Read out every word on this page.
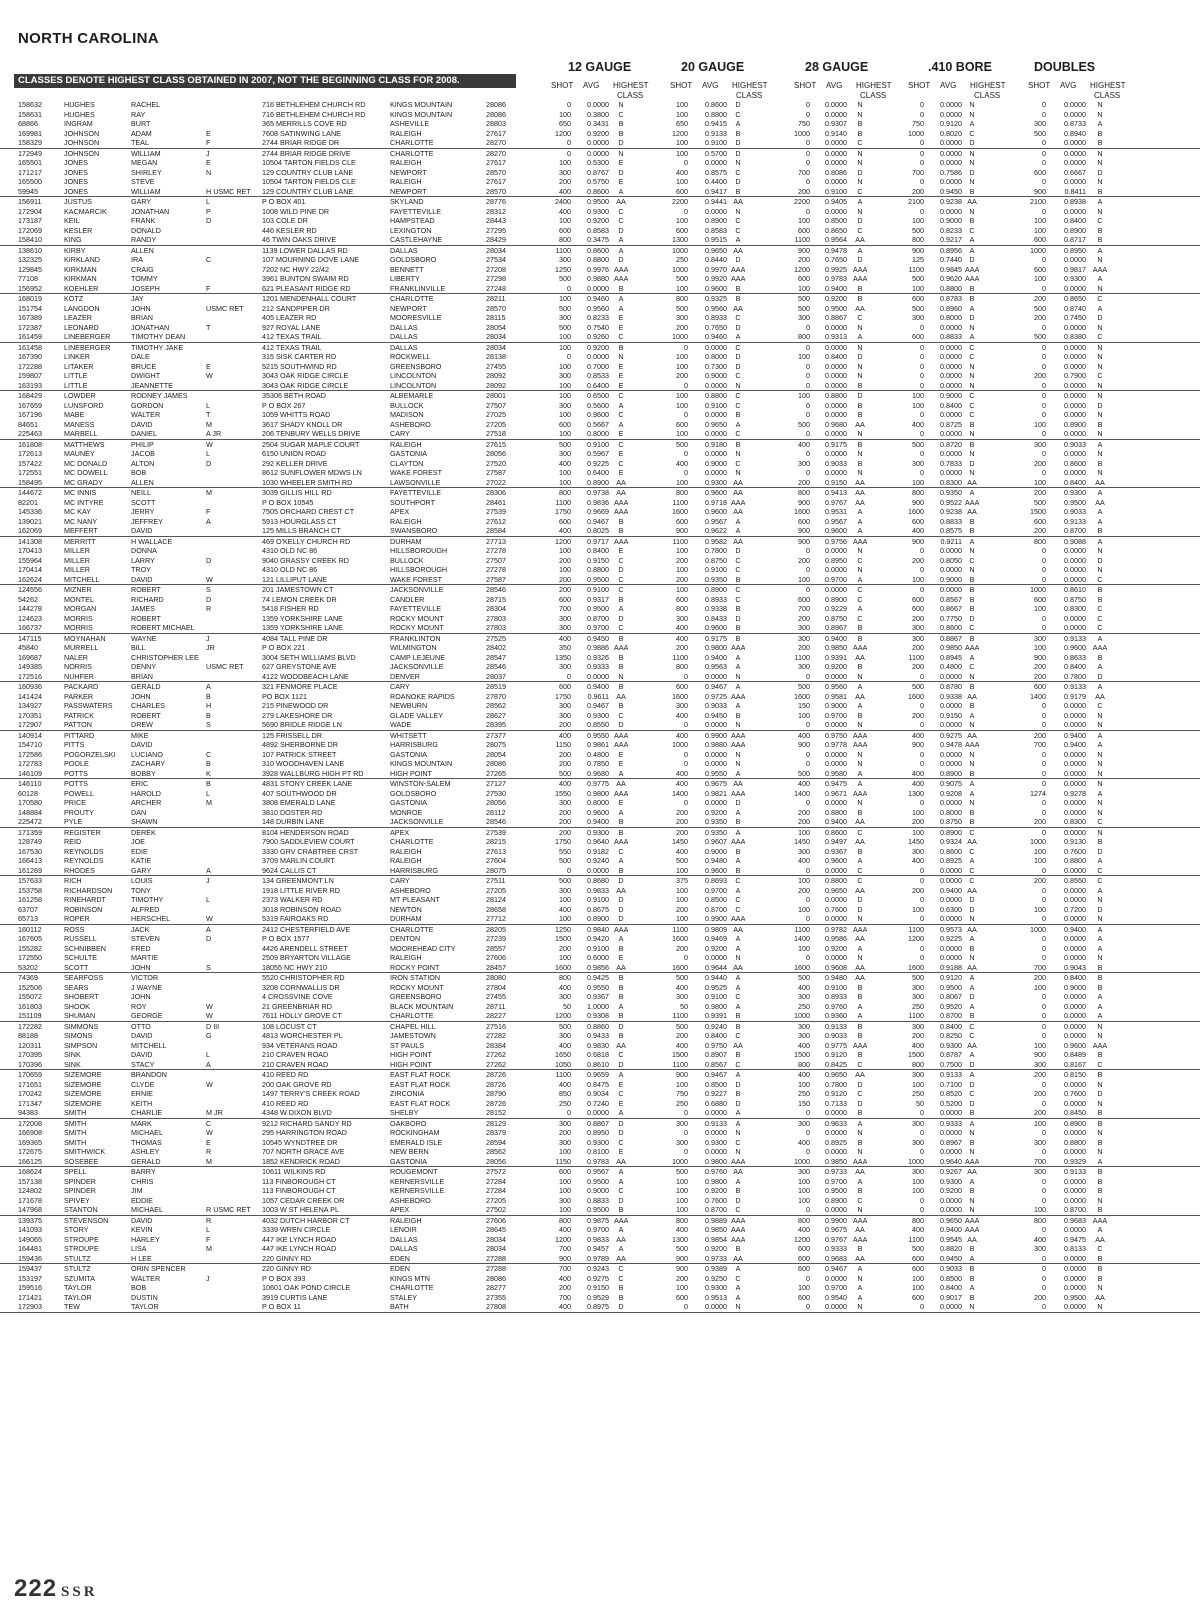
NORTH CAROLINA
CLASSES DENOTE HIGHEST CLASS OBTAINED IN 2007, NOT THE BEGINNING CLASS FOR 2008.
12 GAUGE	20 GAUGE	28 GAUGE	.410 BORE	DOUBLES
SHOT AVG HIGHEST
CLASS
SHOT AVG HIGHEST
CLASS
SHOT AVG HIGHEST
CLASS
SHOT AVG HIGHEST
CLASS
SHOT AVG HIGHEST
CLASS
158632	HUGHES	RACHEL	716 BETHLEHEM CHURCH RD	KINGS MOUNTAIN	28086	0	0.0000	N	100	0.8600	D	0	0.0000	N	0	0.0000	N	0	0.0000	N
158631	HUGHES	RAY	716 BETHLEHEM CHURCH RD	KINGS MOUNTAIN	28086	100	0.3800	C	100	0.8800	C	0	0.0000	N	0	0.0000	N	0	0.0000	N
68866	INGRAM	BURT	365 MERRILLS COVE RD	ASHEVILLE	28803	650	0.3431	B	650	0.9415	A	750	0.9307	B	750	0.9120	A	300	0.8733	A
169981	JOHNSON	ADAM	E	7608 SATINWING LANE	RALEIGH	27617	1200	0.9200	B	1200	0.9133	B	1000	0.9140	B	1000	0.8020	C	500	0.8940	B
158329	JOHNSON	TEAL	F	2744 BRIAR RIDGE DR	CHARLOTTE	28270	0	0.0000	D	100	0.9100	D	0	0.0000	C	0	0.0000	D	0	0.0000	B
172949	JOHNSON	WILLIAM	J	2744 BRIAR RIDGE DRIVE	CHARLOTTE	28270	0	0.0000	N	100	0.5700	D	0	0.0000	N	0	0.0000	N	0	0.0000	N
165501	JONES	MEGAN	E	10504 TARTON FIELDS CLE	RALEIGH	27617	100	0.5300	E	0	0.0000	N	0	0.0000	N	0	0.0000	N	0	0.0000	N
171217	JONES	SHIRLEY	N	129 COUNTRY CLUB LANE	NEWPORT	28570	300	0.8767	D	400	0.8575	C	700	0.8086	D	700	0.7586	D	600	0.6667	D
165500	JONES	STEVE	10504 TARTON FIELDS CLE	RALEIGH	27617	200	0.5750	E	100	0.4400	D	0	0.0000	N	0	0.0000	N	0	0.0000	N
59945	JONES	WILLIAM	H USMC RET	129 COUNTRY CLUB LANE	NEWPORT	28570	400	0.8600	A	600	0.9417	B	200	0.9100	C	200	0.9450	B	900	0.8411	B
156911	JUSTUS	GARY	L	P O BOX 401	SKYLAND	28776	2400	0.9500	AA	2200	0.9441 AA	2200	0.9405	A	2100	0.9238 AA	2100	0.8938	A
172904	KACMARCIK	JONATHAN	P	1008 WILD PINE DR	FAYETTEVILLE	28312	400	0.9300	C	0	0.0000	N	0	0.0000	N	0	0.0000	N	0	0.0000	N
173187	KEIL	FRANK	D	103 COLE DR	HAMPSTEAD	28443	100	0.9200	C	100	0.8900	C	100	0.8500	D	100	0.9000	B	100	0.8400	C
172069	KESLER	DONALD	446 KESLER RD	LEXINGTON	27295	600	0.8583	D	600	0.8583	C	600	0.8650	C	500	0.8233	C	100	0.8900	B
158410	KING	RANDY	46 TWIN OAKS DRIVE	CASTLEHAYNE	28429	800	0.3475	A	1300	0.9515	A	1100	0.9564	AA	800	0.9217	A	600	0.8717	B
138610	KIRBY	ALLEN	1139 LOWER DALLAS RD	DALLAS	28034	1100	0.8600	A	1000	0.9650 AA	900	0.9478	A	900	0.8956	A	1000	0.8950	A
132325	KIRKLAND	IRA	C	107 MOURNING DOVE LANE	GOLDSBORO	27534	300	0.8800	D	250	0.8440	D	200	0.7650	D	125	0.7440	D	0	0.0000	N
129845	KIRKMAN	CRAIG	7202 NC HWY 22/42	BENNETT	27208	1250	0.9976 AAA	1000	0.9970 AAA	1200	0.9925 AAA	1100	0.9845 AAA	600	0.9817 AAA
77108	KIRKMAN	TOMMY	3961 BUNTON SWAIM RD	LIBERTY	27298	500	0.9880 AAA	500	0.9920 AAA	600	0.9783 AAA	500	0.9620 AAA	100	0.9300	A
156952	KOEHLER	JOSEPH	F	621 PLEASANT RIDGE RD	FRANKLINVILLE	27248	0	0.0000	B	100	0.9600	B	100	0.9400	B	100	0.8800	B	0	0.0000	N
168019	KOTZ	JAY	1201 MENDENHALL COURT	CHARLOTTE	28211	100	0.9460	A	800	0.9325	B	500	0.9200	B	600	0.8783	B	200	0.8650	C
151754	LANGDON	JOHN	USMC RET	212 SANDPIPER DR	NEWPORT	28570	500	0.9560	A	500	0.9560 AA	500	0.9500	AA	500	0.8960	A	500	0.8740	A
167389	LEAZER	BRIAN	405 LEAZER RD	MOORESVILLE	28115	300	0.8233	E	300	0.8933	C	300	0.8867	C	300	0.8000	D	200	0.7450	D
172387	LEONARD	JONATHAN	T	927 ROYAL LANE	DALLAS	28054	500	0.7540	E	200	0.7650	D	0	0.0000	N	0	0.0000	N	0	0.0000	N
161459	LINEBERGER	TIMOTHY DEAN	412 TEXAS TRAIL	DALLAS	28034	100	0.9260	C	1000	0.9460	A	800	0.9313	A	600	0.8833	A	500	0.8380	C
161458	LINEBERGER	TIMOTHY JAKE	412 TEXAS TRAIL	DALLAS	28034	100	0.9200	B	0	0.0000	C	0	0.0000	N	0	0.0000	C	0	0.0000	N
167390	LINKER	DALE	315 SISK CARTER RD	ROCKWELL	28138	0	0.0000	N	100	0.8000	D	100	0.8400	D	0	0.0000	C	0	0.0000	N
172288	LITAKER	BRUCE	E	5215 SOUTHWIND RD	GREENSBORO	27455	100	0.7000	E	100	0.7300	D	0	0.0000	N	0	0.0000	N	0	0.0000	N
159807	LITTLE	DWIGHT	W	3043 OAK RIDGE CIRCLE	LINCOLNTON	28092	300	0.8533	E	200	0.9000	C	0	0.0000	N	0	0.0000	N	200	0.7900	C
163193	LITTLE	JEANNETTE	3043 OAK RIDGE CIRCLE	LINCOLNTON	28092	100	0.6400	E	0	0.0000	N	0	0.0000	B	0	0.0000	N	0	0.0000	N
168429	LOWDER	RODNEY JAMES	35306 BETH ROAD	ALBEMARLE	28001	100	0.6500	C	100	0.8800	C	100	0.8800	D	100	0.9000	C	0	0.0000	N
167659	LUNSFORD	GORDON	L	P O BOX 267	BULLOCK	27507	300	0.5600	A	100	0.9100	C	0	0.0000	B	100	0.8400	C	0	0.0000	D
167196	MABE	WALTER	T	1059 WHITTS ROAD	MADISON	27025	100	0.9600	C	0	0.0000	B	0	0.0000	B	0	0.0000	C	0	0.0000	N
84651	MANESS	DAVID	M	3617 SHADY KNOLL DR	ASHEBORO	27205	600	0.5667	A	600	0.9650	A	500	0.9680	AA	400	0.8725	B	100	0.8900	B
225463	MARBELL	DANIEL	A JR	206 TENBURY WELLS DRIVE	CARY	27518	100	0.8000	E	100	0.0000	C	0	0.0000	N	0	0.0000	N	0	0.0000	N
161808	MATTHEWS	PHILIP	W	2504 SUGAR MAPLE COURT	RALEIGH	27615	500	0.9100	C	500	0.9180	B	400	0.9175	B	500	0.8720	B	300	0.9033	A
172613	MAUNEY	JACOB	L	6150 UNION ROAD	GASTONIA	28056	300	0.5967	E	0	0.0000	N	0	0.0000	N	0	0.0000	N	0	0.0000	N
157422	MC DONALD	ALTON	D	292 KELLER DRIVE	CLAYTON	27520	400	0.9225	C	400	0.9000	C	300	0.9033	B	300	0.7833	D	200	0.8600	B
172551	MC DOWELL	BOB	8612 SUNFLOWER MDWS LN	WAKE FOREST	27587	100	0.6400	E	0	0.0000	N	0	0.0000	N	0	0.0000	N	0	0.0000	N
158495	MC GRADY	ALLEN	1030 WHEELER SMITH RD	LAWSONVILLE	27022	100	0.8900	AA	100	0.9300 AA	200	0.9150	AA	100	0.8300 AA	100	0.8400	AA
144672	MC INNIS	NEILL	M	3039 GILLIS HILL RD	FAYETTEVILLE	28306	800	0.9738	AA	800	0.9600 AA	800	0.9413	AA	800	0.9350	A	200	0.9300	A
82201	MC INTYRE	SCOTT	P O BOX 10545	SOUTHPORT	28461	1100	0.9836 AAA	1100	0.9718 AAA	900	0.9767	AA	900	0.9522 AAA	500	0.9500	AA
145336	MC KAY	JERRY	F	7505 ORCHARD CREST CT	APEX	27539	1750	0.9669 AAA	1600	0.9600 AA	1600	0.9531	A	1600	0.9238 AA	1500	0.9033	A
139021	MC NANY	JEFFREY	A	5913 HOURGLASS CT	RALEIGH	27612	600	0.9467	B	600	0.9567	A	600	0.9567	A	600	0.8833	B	600	0.9133	A
162069	MEFFERT	DAVID	125 MILLS BRANCH CT	SWANSBORO	28584	400	0.8025	B	900	0.9622	A	900	0.9600	A	400	0.8575	B	200	0.8700	B
141308	MERRITT	H WALLACE	469 O'KELLY CHURCH RD	DURHAM	27713	1200	0.9717 AAA	1100	0.9582 AA	900	0.9756 AAA	900	0.9211	A	800	0.9088	A
170413	MILLER	DONNA	4310 OLD NC 86	HILLSBOROUGH	27278	100	0.8400	E	100	0.7800	D	0	0.0000	N	0	0.0000	N	0	0.0000	N
155964	MILLER	LARRY	D	9040 GRASSY CREEK RD	BULLOCK	27507	200	0.9150	C	200	0.8750	C	200	0.8950	C	200	0.8050	C	0	0.0000	D
170414	MILLER	TROY	4310 OLD NC 86	HILLSBOROUGH	27278	100	0.8800	D	100	0.9100	C	0	0.0000	N	0	0.0000	N	0	0.0000	N
162624	MITCHELL	DAVID	W	121 LILLIPUT LANE	WAKE FOREST	27587	200	0.9500	C	200	0.9350	B	100	0.9700	A	100	0.9000	B	0	0.0000	C
124556	MIZNER	ROBERT	S	201 JAMESTOWN CT	JACKSONVILLE	28546	200	0.9100	C	100	0.8900	C	0	0.0000	C	0	0.0000	B	1000	0.8610	B
54262	MONTEL	RICHARD	D	74 LEMON CREEK DR	CANDLER	28715	600	0.9317	B	600	0.8933	C	600	0.8900	C	600	0.8567	B	600	0.8750	B
144278	MORGAN	JAMES	R	5418 FISHER RD	FAYETTEVILLE	28304	700	0.9500	A	800	0.9338	B	700	0.9229	A	600	0.8667	B	100	0.8300	C
124623	MORRIS	ROBERT	1359 YORKSHIRE LANE	ROCKY MOUNT	27803	300	0.8700	D	300	0.8433	D	200	0.8750	C	200	0.7750	D	0	0.0000	C
166737	MORRIS	ROBERT MICHAEL	1359 YORKSHIRE LANE	ROCKY MOUNT	27803	300	0.9700	C	400	0.9600	B	300	0.8967	B	300	0.8600	C	0	0.0000	C
147115	MOYNAHAN	WAYNE	J	4084 TALL PINE DR	FRANKLINTON	27525	400	0.9450	B	400	0.9175	B	300	0.9400	B	300	0.8867	B	300	0.9133	A
45840	MURRELL	BILL	JR	P O BOX 221	WILMINGTON	28402	350	0.9886 AAA	200	0.9800 AAA	200	0.9850 AAA	200	0.9850 AAA	100	0.9600 AAA
169687	NALER	CHRISTOPHER LEE	3004 SETH WILLIAMS BLVD	CAMP LEJEUNE	28547	1350	0.9326	B	1100	0.9400	A	1100	0.9391	AA	1100	0.8945	A	900	0.8633	B
149385	NORRIS	DENNY	USMC RET	627 GREYSTONE AVE	JACKSONVILLE	28546	300	0.9333	B	800	0.9563	A	300	0.9200	B	200	0.4800	C	200	0.8400	A
172516	NUHFER	BRIAN	4122 WOODBEACH LANE	DENVER	28037	0	0.0000	N	0	0.0000	N	0	0.0000	N	0	0.0000	N	200	0.7800	D
160936	PACKARD	GERALD	A	321 FENMORE PLACE	CARY	28519	600	0.9400	B	600	0.9467	A	500	0.9560	A	500	0.8780	B	600	0.9133	A
141424	PARKER	JOHN	B	PO BOX 1121	ROANOKE RAPIDS	27870	1750	0.9611	AA	1600	0.9725 AAA	1600	0.9581	AA	1600	0.9338 AA	1400	0.9179	AA
134927	PASSWATERS	CHARLES	H	215 PINEWOOD DR	NEWBURN	28562	300	0.9467	B	300	0.9033	A	150	0.9000	A	0	0.0000	B	0	0.0000	C
170351	PATRICK	ROBERT	B	279 LAKESHORE DR	GLADE VALLEY	28627	300	0.9300	C	400	0.9450	B	100	0.9700	B	200	0.9150	A	0	0.0000	N
172907	PATTON	DREW	S	5690 BRIDLE RIDGE LN	WADE	28395	200	0.8550	D	0	0.0000	N	0	0.0000	N	0	0.0000	N	0	0.0000	N
140914	PITTARD	MIKE	125 FRISSELL DR	WHITSETT	27377	400	0.9550 AAA	400	0.9900 AAA	400	0.9750 AAA	400	0.9275 AA	200	0.9400	A
154710	PITTS	DAVID	4892 SHERBORNE DR	HARRISBURG	28075	1150	0.9861 AAA	1000	0.9880 AAA	900	0.9778 AAA	900	0.9478 AAA	700	0.9400	A
172586	POGORZELSKI	LUCIANO	C	107 PATRICK STREET	GASTONIA	28054	200	0.4800	E	0	0.0000	N	0	0.0000	N	0	0.0000	N	0	0.0000	N
172783	POOLE	ZACHARY	B	310 WOODHAVEN LANE	KINGS MOUNTAIN	28086	200	0.7850	E	0	0.0000	N	0	0.0000	N	0	0.0000	N	0	0.0000	N
146109	POTTS	BOBBY	K	3928 WALLBURG HIGH PT RD	HIGH POINT	27265	500	0.9680	A	400	0.9550	A	500	0.9580	A	400	0.8900	B	0	0.0000	N
146110	POTTS	ERIC	B	4831 STONY CREEK LANE	WINSTON-SALEM	27127	400	0.9775	AA	400	0.9675 AA	400	0.9475	A	400	0.9075	A	0	0.0000	N
60128	POWELL	HAROLD	L	407 SOUTHWOOD DR	GOLDSBORO	27530	1550	0.9800 AAA	1400	0.9821 AAA	1400	0.9671 AAA	1300	0.9208	A	1274	0.9278	A
170580	PRICE	ARCHER	M	3808 EMERALD LANE	GASTONIA	28056	300	0.8000	E	0	0.0000	D	0	0.0000	N	0	0.0000	N	0	0.0000	N
148884	PROUTY	DAN	3810 DOSTER RD	MONROE	28112	200	0.9600	A	200	0.9200	A	200	0.8800	B	100	0.8000	B	0	0.0000	N
225472	PYLE	SHAWN	148 DURBIN LANE	JACKSONVILLE	28546	200	0.9400	B	200	0.9350	B	200	0.9400	AA	200	0.8750	B	200	0.8300	C
171359	REGISTER	DEREK	8104 HENDERSON ROAD	APEX	27539	200	0.9300	B	200	0.9350	A	100	0.8600	C	100	0.8900	C	0	0.0000	N
128749	REID	JOE	7900 SADDLEVIEW COURT	CHARLOTTE	28215	1750	0.9640 AAA	1450	0.9607 AAA	1450	0.9497	AA	1450	0.9324 AA	1000	0.9130	B
167530	REYNOLDS	EDIE	3330 GRV CRABTREE CRST	RALEIGH	27613	550	0.9182	C	400	0.9000	B	300	0.9367	B	300	0.8600	C	100	0.7600	D
166413	REYNOLDS	KATIE	3709 MARLIN COURT	RALEIGH	27604	500	0.9240	A	500	0.9480	A	400	0.9600	A	400	0.8925	A	100	0.8800	A
161269	RHODES	GARY	A	9624 CALLIS CT	HARRISBURG	28075	0	0.0000	B	100	0.9600	B	0	0.0000	C	0	0.0000	C	0	0.0000	C
157633	RICH	LOUIS	J	134 GREENMONT LN	CARY	27511	500	0.8680	D	375	0.8693	C	100	0.8800	C	0	0.0000	C	200	0.8550	C
153758	RICHARDSON	TONY	1918 LITTLE RIVER RD	ASHEBORO	27205	300	0.9833	AA	100	0.9700	A	200	0.9650	AA	200	0.9400 AA	0	0.0000	A
161258	RINEHARDT	TIMOTHY	L	2373 WALKER RD	MT PLEASANT	28124	100	0.9100	D	100	0.8500	C	0	0.0000	D	0	0.0000	D	0	0.0000	N
63707	ROBINSON	ALFRED	3018 ROBINSON ROAD	NEWTON	28658	400	0.8675	D	200	0.8700	C	100	0.7600	D	100	0.6300	D	100	0.7200	D
65713	ROPER	HERSCHEL	W	5319 FAIROAKS RD	DURHAM	27712	100	0.8900	D	100	0.9900 AAA	0	0.0000	N	0	0.0000	N	0	0.0000	N
160112	ROSS	JACK	A	2412 CHESTERFIELD AVE	CHARLOTTE	28205	1250	0.9840 AAA	1100	0.9809 AA	1100	0.9782 AAA	1100	0.9573 AA	1000	0.9400	A
167605	RUSSELL	STEVEN	D	P O BOX 1577	DENTON	27239	1500	0.9420	A	1600	0.9469	A	1400	0.9586	AA	1200	0.9225	A	0	0.0000	A
155282	SCHNIBBEN	FRED	4426 ARENDELL STREET	MOOREHEAD CITY	28557	200	0.9100	B	200	0.9200	A	100	0.9200	A	0	0.0000	B	0	0.0000	A
172550	SCHULTE	MARTIE	2509 BRYARTON VILLAGE	RALEIGH	27606	100	0.6000	E	0	0.0000	N	0	0.0000	N	0	0.0000	N	0	0.0000	N
53202	SCOTT	JOHN	S	18055 NC HWY 210	ROCKY POINT	28457	1600	0.9856	AA	1600	0.9644 AA	1600	0.9608	AA	1600	0.9188 AA	700	0.9043	B
74369	SEARFOSS	VICTOR	5520 CHRISTOPHER RD	IRON STATION	28080	800	0.9425	B	500	0.9440	A	500	0.9480	AA	500	0.9120	A	200	0.8400	B
152506	SEARS	J WAYNE	3208 CORNWALLIS DR	ROCKY MOUNT	27804	400	0.9550	B	400	0.9525	A	400	0.9100	B	300	0.9500	A	100	0.9000	B
155072	SHOBERT	JOHN	4 CROSSVINE COVE	GREENSBORO	27455	300	0.9367	B	300	0.9100	C	300	0.8933	B	300	0.8067	D	0	0.0000	A
161803	SHOOK	ROY	W	21 GREENBRIAR RD	BLACK MOUNTAIN	28711	50	1.0000	A	50	0.9800	A	250	0.9760	A	250	0.9520	A	0	0.0000	A
151109	SHUMAN	GEORGE	W	7611 HOLLY GROVE CT	CHARLOTTE	28227	1200	0.9308	B	1100	0.9391	B	1000	0.9360	A	1100	0.8700	B	0	0.0000	A
172282	SIMMONS	OTTO	D III	108 LOCUST CT	CHAPEL HILL	27516	500	0.8860	D	500	0.9240	B	300	0.9133	B	300	0.8400	C	0	0.0000	N
88188	SIMONS	DAVID	G	4813 WORCHESTER PL	JAMESTOWN	27282	300	0.9433	B	200	0.8400	C	300	0.9033	B	200	0.8250	C	0	0.0000	N
120311	SIMPSON	MITCHELL	934 VETERANS ROAD	ST PAULS	28384	400	0.9830	AA	400	0.9750 AA	400	0.9775 AAA	400	0.9300 AA	100	0.9600 AAA
170395	SINK	DAVID	L	210 CRAVEN ROAD	HIGH POINT	27262	1650	0.6818	C	1500	0.8907	B	1500	0.9120	B	1500	0.8787	A	900	0.8489	B
170396	SINK	STACY	A	210 CRAVEN ROAD	HIGH POINT	27262	1050	0.8610	D	1100	0.8567	C	800	0.8425	C	800	0.7500	D	300	0.8167	C
170659	SIZEMORE	BRANDON	410 REED RD	EAST FLAT ROCK	28726	1100	0.9659	A	900	0.9467	A	400	0.9650	AA	300	0.9133	A	200	0.8150	B
171651	SIZEMORE	CLYDE	W	200 OAK GROVE RD	EAST FLAT ROCK	28726	400	0.8475	E	100	0.8500	D	100	0.7800	D	100	0.7100	D	0	0.0000	N
170242	SIZEMORE	ERNIE	1497 TERRY'S CREEK ROAD	ZIRCONIA	28790	850	0.9034	C	750	0.9227	B	250	0.9120	C	250	0.8520	C	200	0.7600	D
171347	SIZEMORE	KEITH	410 REED RD	EAST FLAT ROCK	28726	250	0.7240	E	250	0.6880	D	150	0.7133	D	50	0.5200	D	0	0.0000	N
94383	SMITH	CHARLIE	M JR	4348 W DIXON BLVD	SHELBY	28152	0	0.0000	A	0	0.0000	A	0	0.0000	B	0	0.0000	B	200	0.8450	B
172008	SMITH	MARK	C	9212 RICHARD SANDY RD	OAKBORO	28129	300	0.8867	D	300	0.9133	A	300	0.9633	A	300	0.9333	A	100	0.8900	B
166908	SMITH	MICHAEL	W	295 HARRINGTON ROAD	ROCKINGHAM	28379	200	0.8950	D	0	0.0000	N	0	0.0000	N	0	0.0000	N	0	0.0000	N
169365	SMITH	THOMAS	E	10545 WYNDTREE DR	EMERALD ISLE	28594	300	0.9300	C	300	0.9300	C	400	0.8925	B	300	0.8967	B	300	0.8800	B
172675	SMITHWICK	ASHLEY	R	707 NORTH GRACE AVE	NEW BERN	28562	100	0.8100	E	0	0.0000	N	0	0.0000	N	0	0.0000	N	0	0.0000	N
166125	SOSEBEE	GERALD	M	1852 KENDRICK ROAD	GASTONIA	28056	1150	0.9783	AA	1000	0.9800 AAA	1000	0.9850 AAA	1000	0.9640 AAA	700	0.9329	A
168624	SPELL	BARRY	10611 WILKINS RD	ROUGEMONT	27572	600	0.9567	A	500	0.9760 AA	300	0.9733	AA	300	0.9267 AA	300	0.9133	B
157138	SPINDER	CHRIS	113 FINBOROUGH CT	KERNERSVILLE	27284	100	0.9500	A	100	0.9800	A	100	0.9700	A	100	0.9300	A	0	0.0000	B
124802	SPINDER	JIM	113 FINBOROUGH CT	KERNERSVILLE	27284	100	0.9000	C	100	0.9200	B	100	0.9500	B	100	0.9200	B	0	0.0000	B
171678	SPIVEY	EDDIE	1057 CEDAR CREEK DR	ASHEBORO	27205	300	0.8833	D	100	0.7600	D	100	0.8900	C	0	0.0000	N	0	0.0000	N
147968	STANTON	MICHAEL	R USMC RET	1003 W ST HELENA PL	APEX	27502	100	0.9500	B	100	0.8700	C	0	0.0000	N	0	0.0000	N	100	0.8700	B
139375	STEVENSON	DAVID	R	4032 DUTCH HARBOR CT	RALEIGH	27606	800	0.9875 AAA	800	0.9889 AAA	800	0.9900 AAA	800	0.9650 AAA	800	0.9683 AAA
141093	STORY	KEVIN	L	3339 WREN CIRCLE	LENOIR	28645	400	0.9700	A	400	0.9850 AAA	400	0.9675	AA	400	0.9400 AAA	0	0.0000	A
149065	STROUPE	HARLEY	F	447 IKE LYNCH ROAD	DALLAS	28034	1200	0.9833	AA	1300	0.9854 AAA	1200	0.9767 AAA	1100	0.9545 AA	400	0.9475	AA
164481	STROUPE	LISA	M	447 IKE LYNCH ROAD	DALLAS	28034	700	0.9457	A	500	0.9200	B	600	0.9333	B	500	0.8820	B	300	0.8133	C
159436	STULTZ	H LEE	220 GINNY RD	EDEN	27288	900	0.9789	AA	900	0.9733 AA	600	0.9683	AA	600	0.9450	A	0	0.0000	B
159437	STULTZ	ORIN SPENCER	220 GINNY RD	EDEN	27288	700	0.9243	C	900	0.9389	A	600	0.9467	A	600	0.9033	B	0	0.0000	B
153197	SZUMITA	WALTER	J	P O BOX 393	KINGS MTN	28086	400	0.9275	C	200	0.9250	C	0	0.0000	N	100	0.8500	B	0	0.0000	B
159516	TAYLOR	BOB	10601 OAK POND CIRCLE	CHARLOTTE	28277	200	0.9150	B	100	0.9300	A	100	0.9700	A	100	0.8400	A	0	0.0000	N
171421	TAYLOR	DUSTIN	3919 CURTIS LANE	STALEY	27355	700	0.9529	B	600	0.9513	A	600	0.9540	A	600	0.9017	B	200	0.9500	AA
172903	TEW	TAYLOR	P O BOX 11	BATH	27808	400	0.8975	D	0	0.0000	N	0	0.0000	N	0	0.0000	N	0	0.0000	N
222 SSR
